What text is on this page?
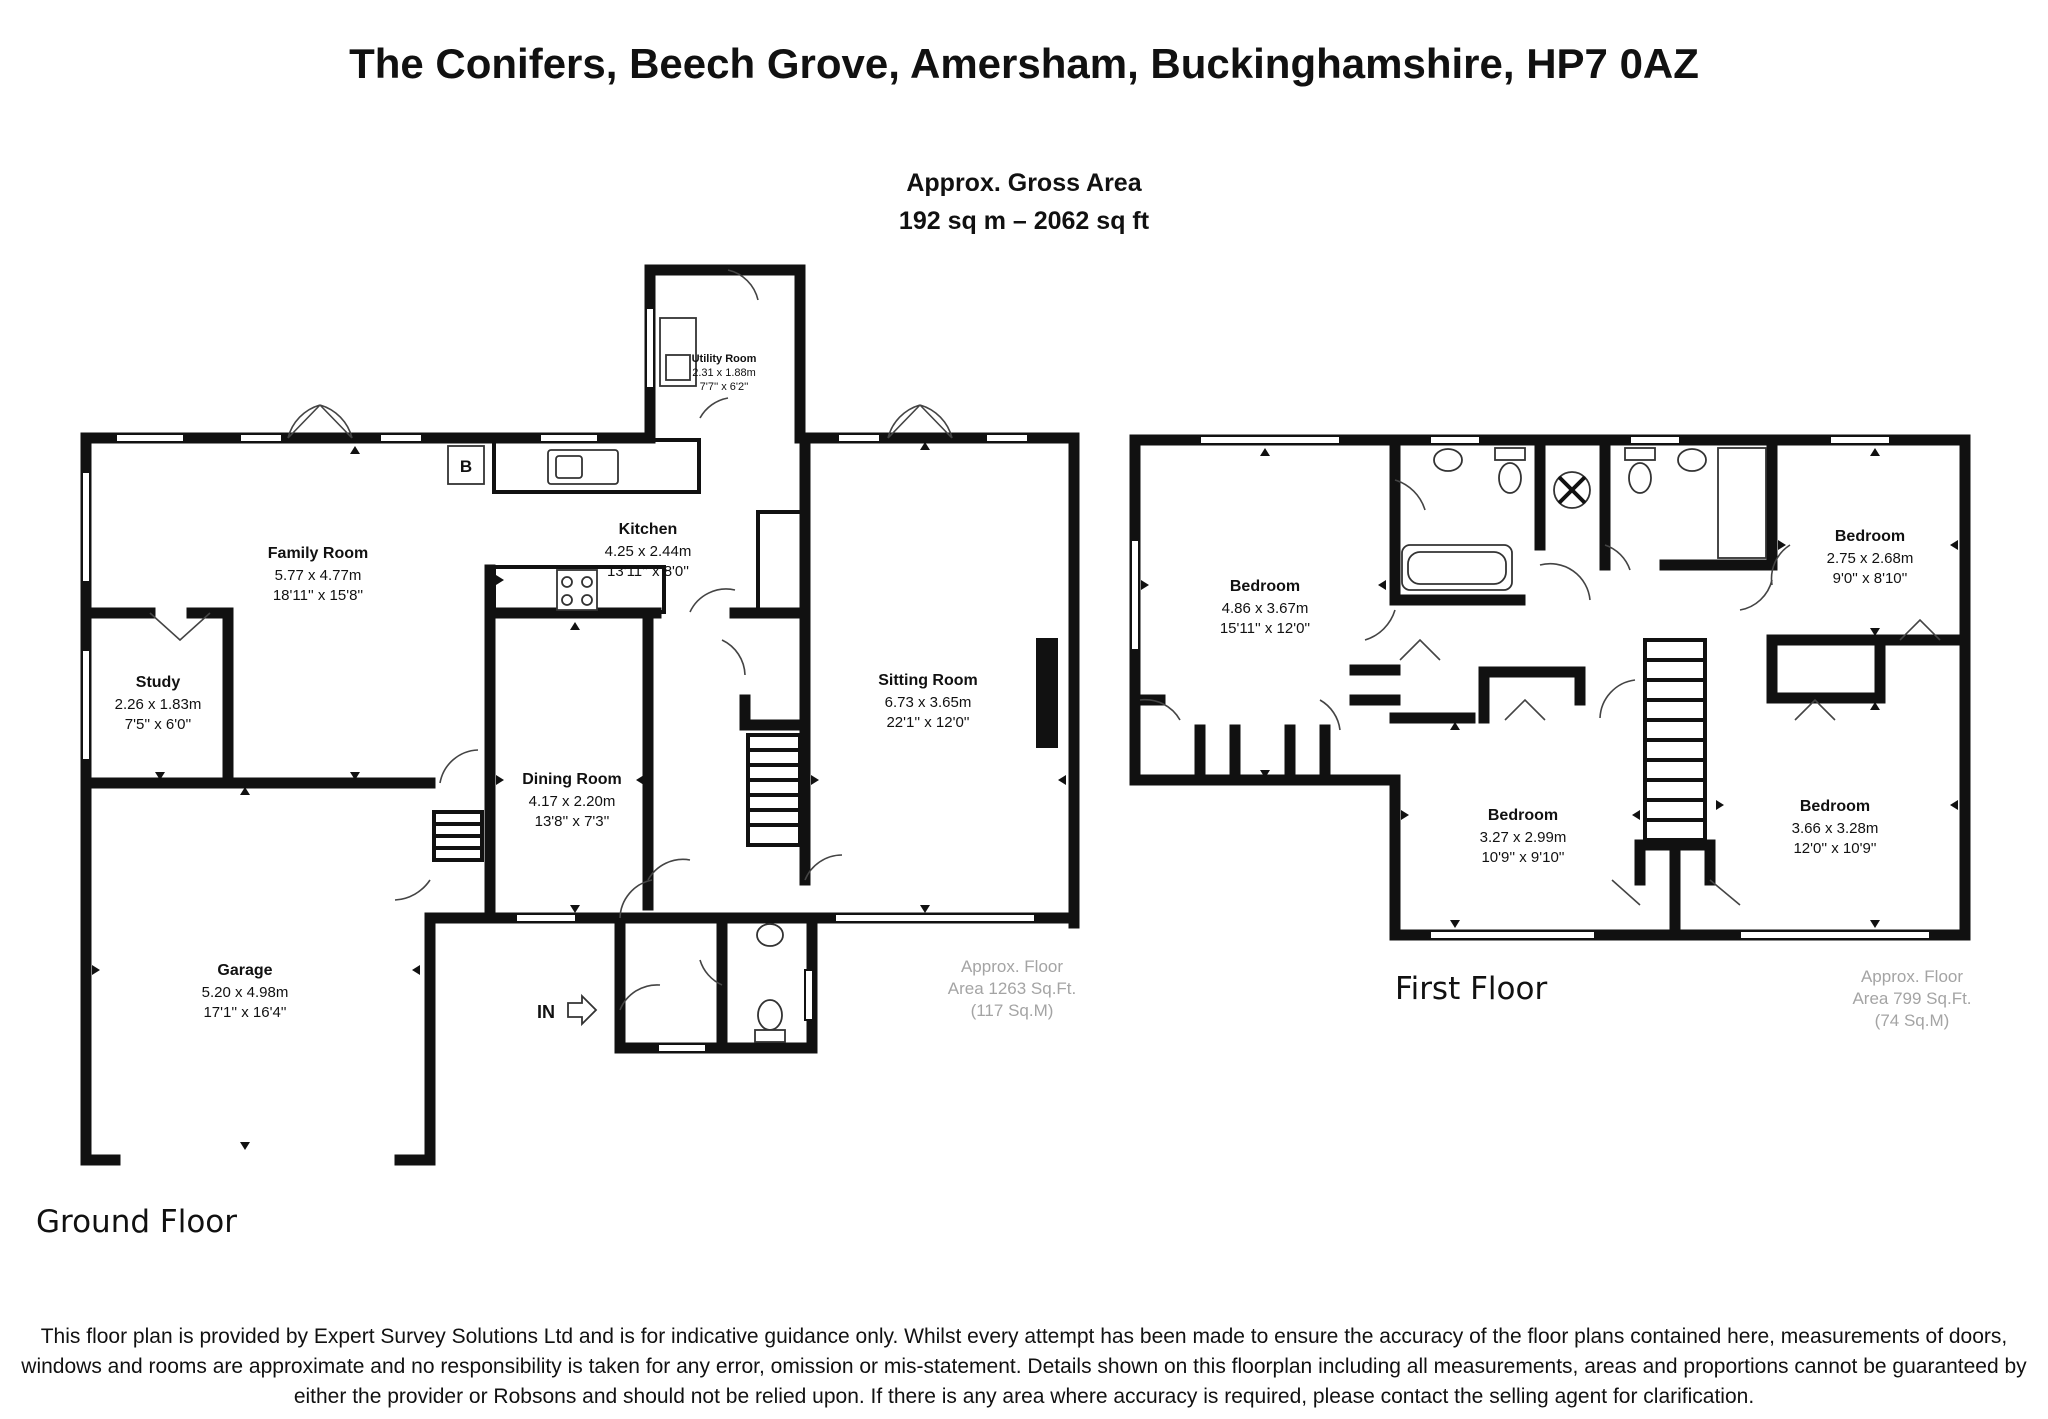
The Conifers, Beech Grove, Amersham, Buckinghamshire, HP7 0AZ
Approx. Gross Area
192 sq m – 2062 sq ft
B
IN
Family Room
5.77 x 4.77m
18'11'' x 15'8''
Kitchen
4.25 x 2.44m
13'11'' x 8'0''
Utility Room
2.31 x 1.88m
7'7'' x 6'2''
Sitting Room
6.73 x 3.65m
22'1'' x 12'0''
Study
2.26 x 1.83m
7'5'' x 6'0''
Dining Room
4.17 x 2.20m
13'8'' x 7'3''
Garage
5.20 x 4.98m
17'1'' x 16'4''
Approx. Floor
Area 1263 Sq.Ft.
(117 Sq.M)
Ground Floor
Bedroom
4.86 x 3.67m
15'11'' x 12'0''
Bedroom
2.75 x 2.68m
9'0'' x 8'10''
Bedroom
3.27 x 2.99m
10'9'' x 9'10''
Bedroom
3.66 x 3.28m
12'0'' x 10'9''
Approx. Floor
Area 799 Sq.Ft.
(74 Sq.M)
First Floor
This floor plan is provided by Expert Survey Solutions Ltd and is for indicative guidance only. Whilst every attempt has been made to ensure the accuracy of the floor plans contained here, measurements of doors, windows and rooms are approximate and no responsibility is taken for any error, omission or mis-statement. Details shown on this floorplan including all measurements, areas and proportions cannot be guaranteed by either the provider or Robsons and should not be relied upon. If there is any area where accuracy is required, please contact the selling agent for clarification.
